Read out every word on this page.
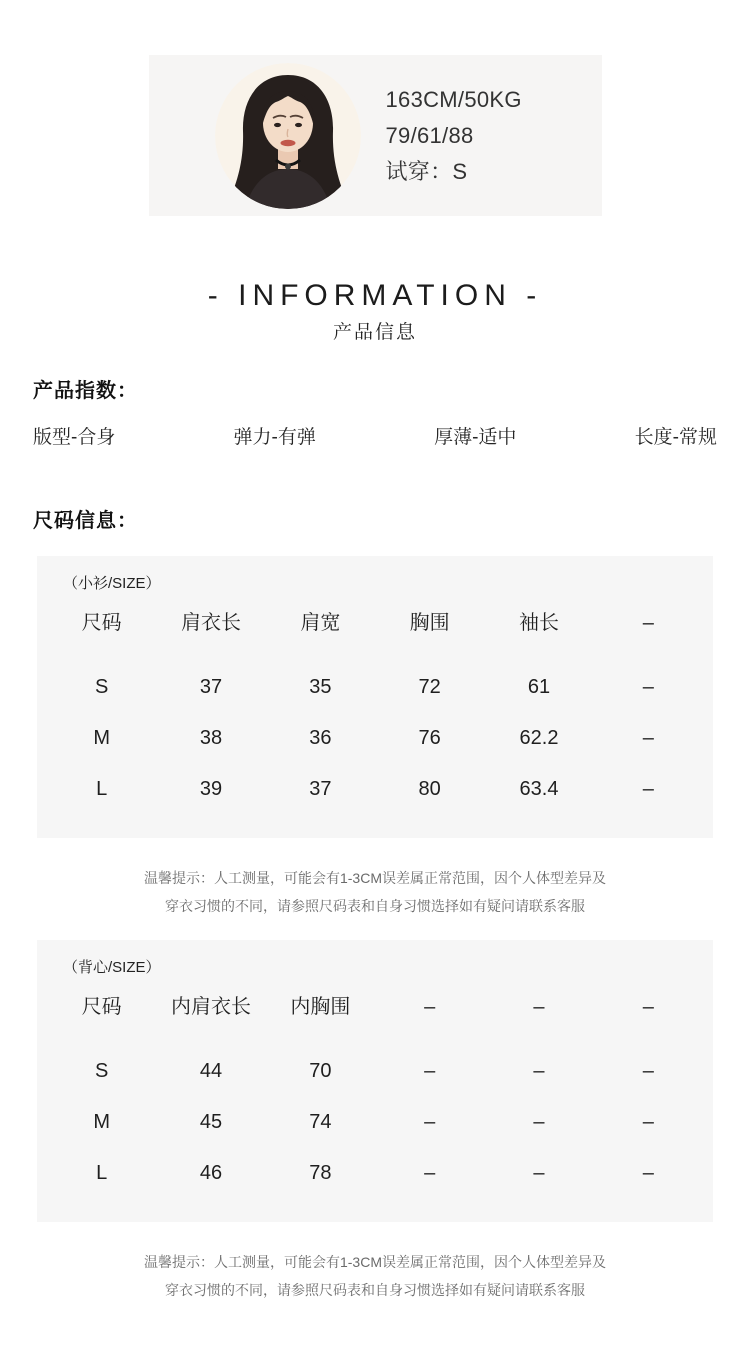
163CM/50KG
79/61/88
试穿：S
- INFORMATION -
产品信息
产品指数：
版型-合身	弹力-有弹	厚薄-适中	长度-常规
尺码信息：
（小衫/SIZE）
尺码	肩衣长	肩宽	胸围	袖长	–
S	37	35	72	61	–
M	38	36	76	62.2	–
L	39	37	80	63.4	–
温馨提示：人工测量，可能会有1-3CM误差属正常范围，因个人体型差异及
穿衣习惯的不同，请参照尺码表和自身习惯选择如有疑问请联系客服
（背心/SIZE）
尺码	内肩衣长	内胸围	–	–	–
S	44	70	–	–	–
M	45	74	–	–	–
L	46	78	–	–	–
温馨提示：人工测量，可能会有1-3CM误差属正常范围，因个人体型差异及
穿衣习惯的不同，请参照尺码表和自身习惯选择如有疑问请联系客服
